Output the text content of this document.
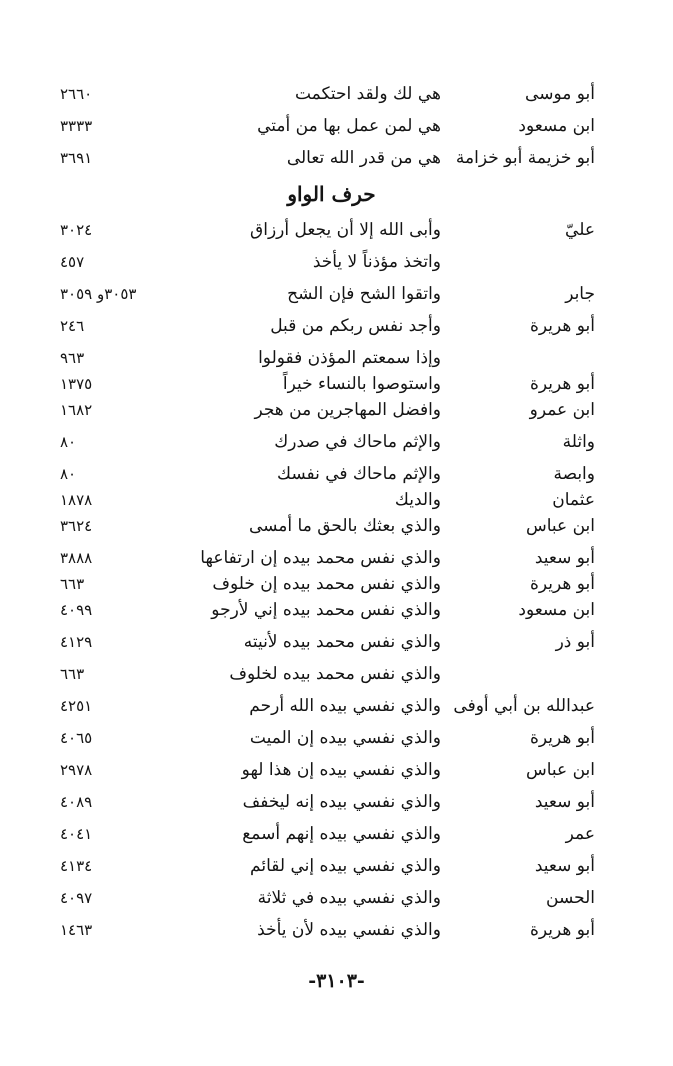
أبو موسى
هي لك ولقد احتكمت
٢٦٦٠
ابن مسعود
هي لمن عمل بها من أمتي
٣٣٣٣
أبو خزيمة أبو خزامة
هي من قدر الله تعالى
٣٦٩١
حرف الواو
عليّ
وأبى الله إلا أن يجعل أرزاق
٣٠٢٤
واتخذ مؤذناً لا يأخذ
٤٥٧
جابر
واتقوا الشح فإن الشح
٣٠٥٣و ٣٠٥٩
أبو هريرة
وأجد نفس ربكم من قبل
٢٤٦
وإذا سمعتم المؤذن فقولوا
٩٦٣
أبو هريرة
واستوصوا بالنساء خيراً
١٣٧٥
ابن عمرو
وافضل المهاجرين من هجر
١٦٨٢
واثلة
والإثم ماحاك في صدرك
٨٠
وابصة
والإثم ماحاك في نفسك
٨٠
عثمان
والديك
١٨٧٨
ابن عباس
والذي بعثك بالحق ما أمسى
٣٦٢٤
أبو سعيد
والذي نفس محمد بيده إن ارتفاعها
٣٨٨٨
أبو هريرة
والذي نفس محمد بيده إن خلوف
٦٦٣
ابن مسعود
والذي نفس محمد بيده إني لأرجو
٤٠٩٩
أبو ذر
والذي نفس محمد بيده لأنيته
٤١٢٩
والذي نفس محمد بيده لخلوف
٦٦٣
عبدالله بن أبي أوفى
والذي نفسي بيده الله أرحم
٤٢٥١
أبو هريرة
والذي نفسي بيده إن الميت
٤٠٦٥
ابن عباس
والذي نفسي بيده إن هذا لهو
٢٩٧٨
أبو سعيد
والذي نفسي بيده إنه ليخفف
٤٠٨٩
عمر
والذي نفسي بيده إنهم أسمع
٤٠٤١
أبو سعيد
والذي نفسي بيده إني لقائم
٤١٣٤
الحسن
والذي نفسي بيده في ثلاثة
٤٠٩٧
أبو هريرة
والذي نفسي بيده لأن يأخذ
١٤٦٣
-٣١٠٣-
